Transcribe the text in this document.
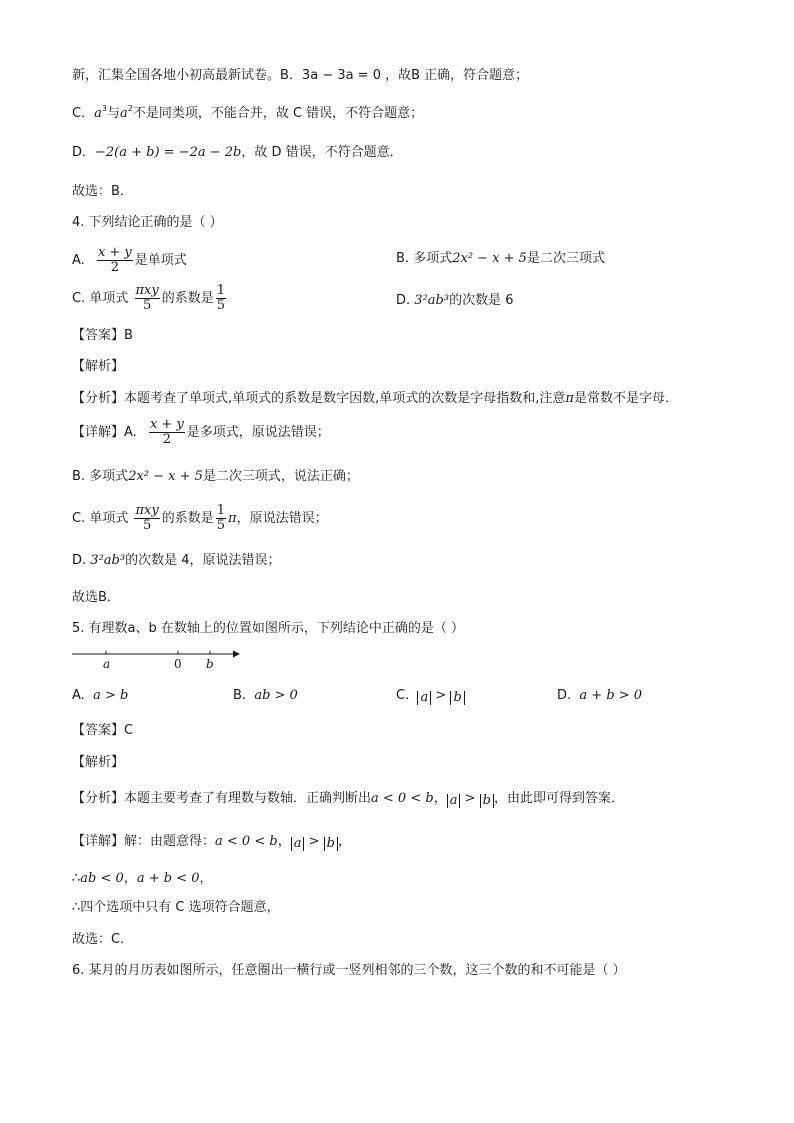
新，汇集全国各地小初高最新试卷。B．3a − 3a = 0 ，故B 正确，符合题意；
C．$a^3$与$a^2$不是同类项，不能合并，故 C 错误，不符合题意；
D．−2(a + b) = −2a − 2b，故 D 错误，不符合题意．
故选：B．
4. 下列结论正确的是（ ）
A. $\frac{x + y}{2}$ 是单项式	B. 多项式2x² − x + 5是二次三项式
C. 单项式 $\frac{\text{πxy}}{5}$ 的系数是 $\frac{1}{5}$	D. 3²ab³的次数是 6
【答案】B
【解析】
【分析】本题考查了单项式,单项式的系数是数字因数,单项式的次数是字母指数和,注意π是常数不是字母．
【详解】A. $\frac{x + y}{2}$ 是多项式，原说法错误；
B. 多项式2x² − x + 5是二次三项式，说法正确；
C. 单项式 $\frac{\text{πxy}}{5}$ 的系数是 $\frac{1}{5}$ π，原说法错误；
D. 3²ab³的次数是 4，原说法错误；
故选B．
5. 有理数a、b 在数轴上的位置如图所示，下列结论中正确的是（ ）
a	0 b
A. a > b	B. ab > 0	C. a > b	D. a + b > 0
【答案】C
【解析】
【分析】本题主要考查了有理数与数轴．正确判断出a < 0 < b， a > b ，由此即可得到答案．
【详解】解：由题意得：a < 0 < b， a > b ，
∴ab < 0，a + b < 0，
∴四个选项中只有 C 选项符合题意，
故选：C．
6. 某月的月历表如图所示，任意圈出一横行或一竖列相邻的三个数，这三个数的和不可能是（ ）
